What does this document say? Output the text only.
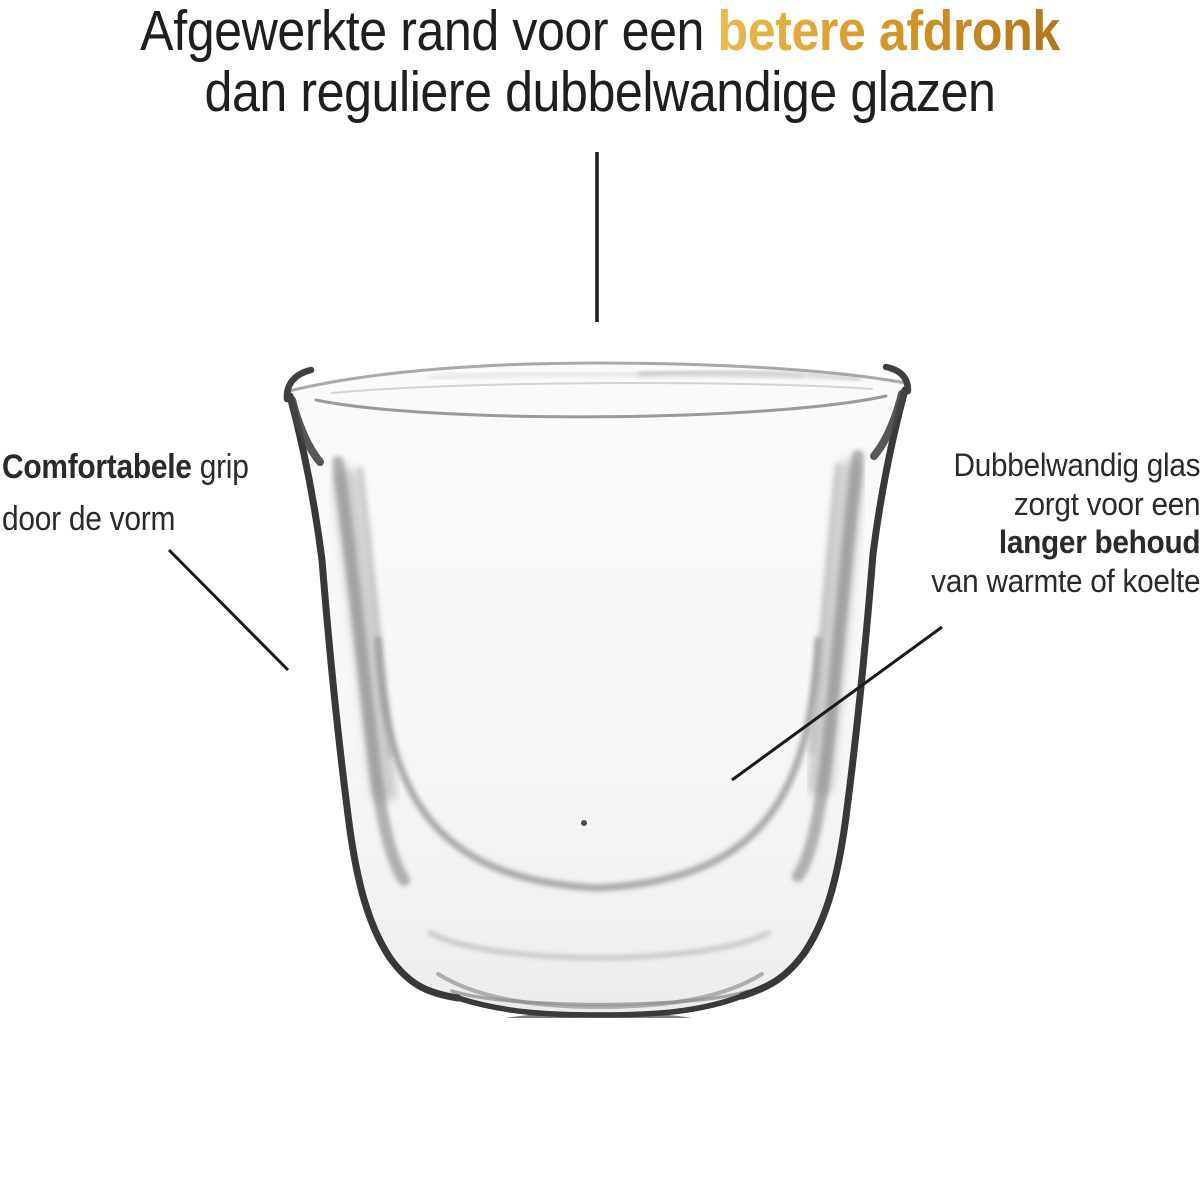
Afgewerkte rand voor een betere afdronk
dan reguliere dubbelwandige glazen
Comfortabele grip
door de vorm
Dubbelwandig glas
zorgt voor een
langer behoud
van warmte of koelte
